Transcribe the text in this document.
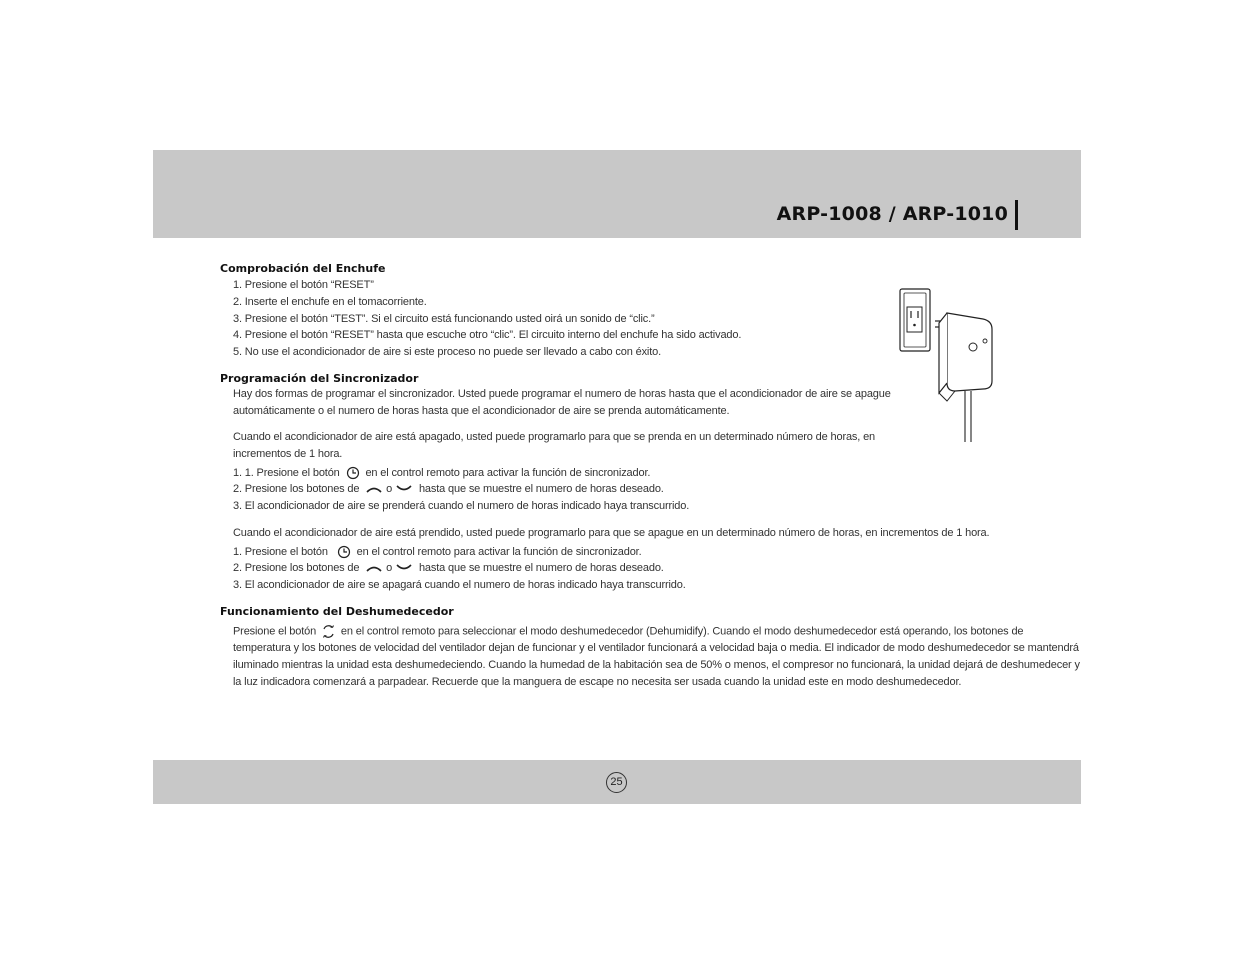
ARP-1008 / ARP-1010
Comprobación del Enchufe
1. Presione el botón “RESET”
2. Inserte el enchufe en el tomacorriente.
3. Presione el botón “TEST”. Si el circuito está funcionando usted oirá un sonido de “clic.”
4. Presione el botón “RESET” hasta que escuche otro “clic”. El circuito interno del enchufe ha sido activado.
5. No use el acondicionador de aire si este proceso no puede ser llevado a cabo con éxito.
Programación del Sincronizador
Hay dos formas de programar el sincronizador. Usted puede programar el numero de horas hasta que el acondicionador de aire se apague
automáticamente o el numero de horas hasta que el acondicionador de aire se prenda automáticamente.
Cuando el acondicionador de aire está apagado, usted puede programarlo para que se prenda en un determinado número de horas, en
incrementos de 1 hora.
1. 1. Presione el botón en el control remoto para activar la función de sincronizador.
2. Presione los botones de o hasta que se muestre el numero de horas deseado.
3. El acondicionador de aire se prenderá cuando el numero de horas indicado haya transcurrido.
Cuando el acondicionador de aire está prendido, usted puede programarlo para que se apague en un determinado número de horas, en incrementos de 1 hora.
1. Presione el botón	en el control remoto para activar la función de sincronizador.
2. Presione los botones de o hasta que se muestre el numero de horas deseado.
3. El acondicionador de aire se apagará cuando el numero de horas indicado haya transcurrido.
Funcionamiento del Deshumedecedor
Presione el botón en el control remoto para seleccionar el modo deshumedecedor (Dehumidify). Cuando el modo deshumedecedor está operando, los botones de
temperatura y los botones de velocidad del ventilador dejan de funcionar y el ventilador funcionará a velocidad baja o media. El indicador de modo deshumedecedor se mantendrá
iluminado mientras la unidad esta deshumedeciendo. Cuando la humedad de la habitación sea de 50% o menos, el compresor no funcionará, la unidad dejará de deshumedecer y
la luz indicadora comenzará a parpadear. Recuerde que la manguera de escape no necesita ser usada cuando la unidad este en modo deshumedecedor.
25
